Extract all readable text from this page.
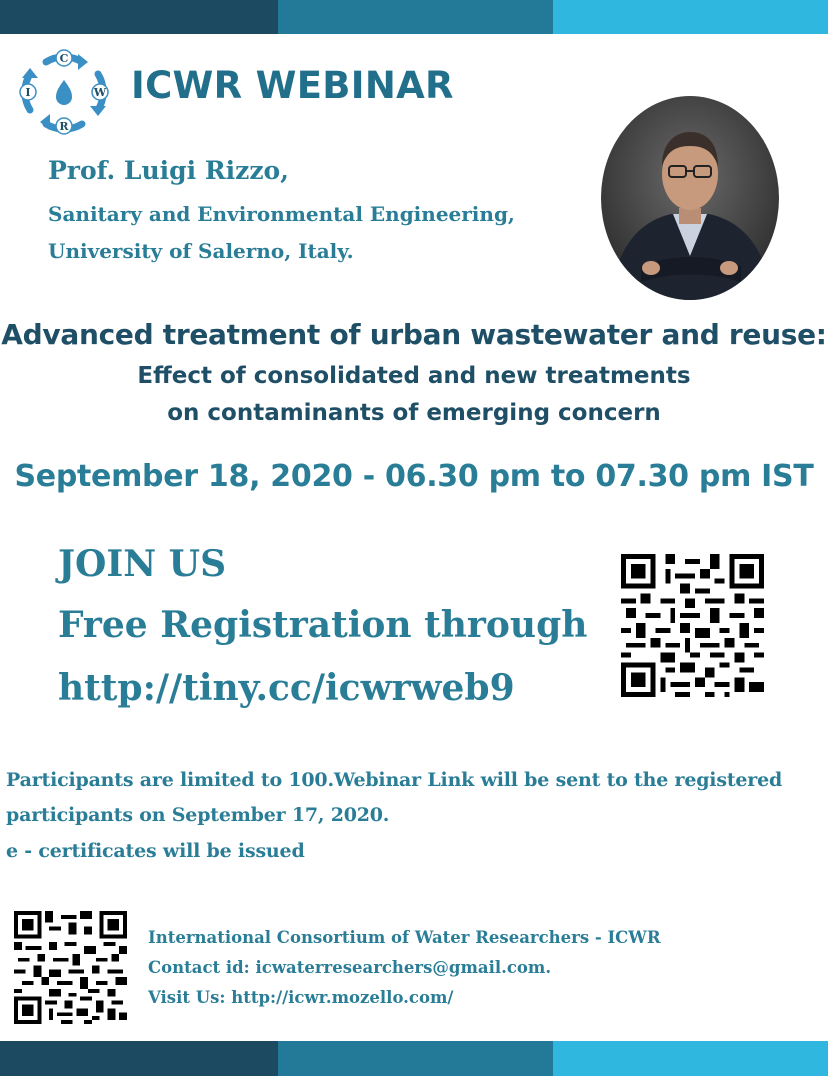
C
W
R
I	ICWR WEBINAR
Prof. Luigi Rizzo,
Sanitary and Environmental Engineering,
University of Salerno, Italy.
Advanced treatment of urban wastewater and reuse:
Effect of consolidated and new treatments
on contaminants of emerging concern
September 18, 2020 - 06.30 pm to 07.30 pm IST
JOIN US
Free Registration through
http://tiny.cc/icwrweb9
Participants are limited to 100.Webinar Link will be sent to the registered
participants on September 17, 2020.
e - certificates will be issued
International Consortium of Water Researchers - ICWR
Contact id: icwaterresearchers@gmail.com.
Visit Us: http://icwr.mozello.com/
